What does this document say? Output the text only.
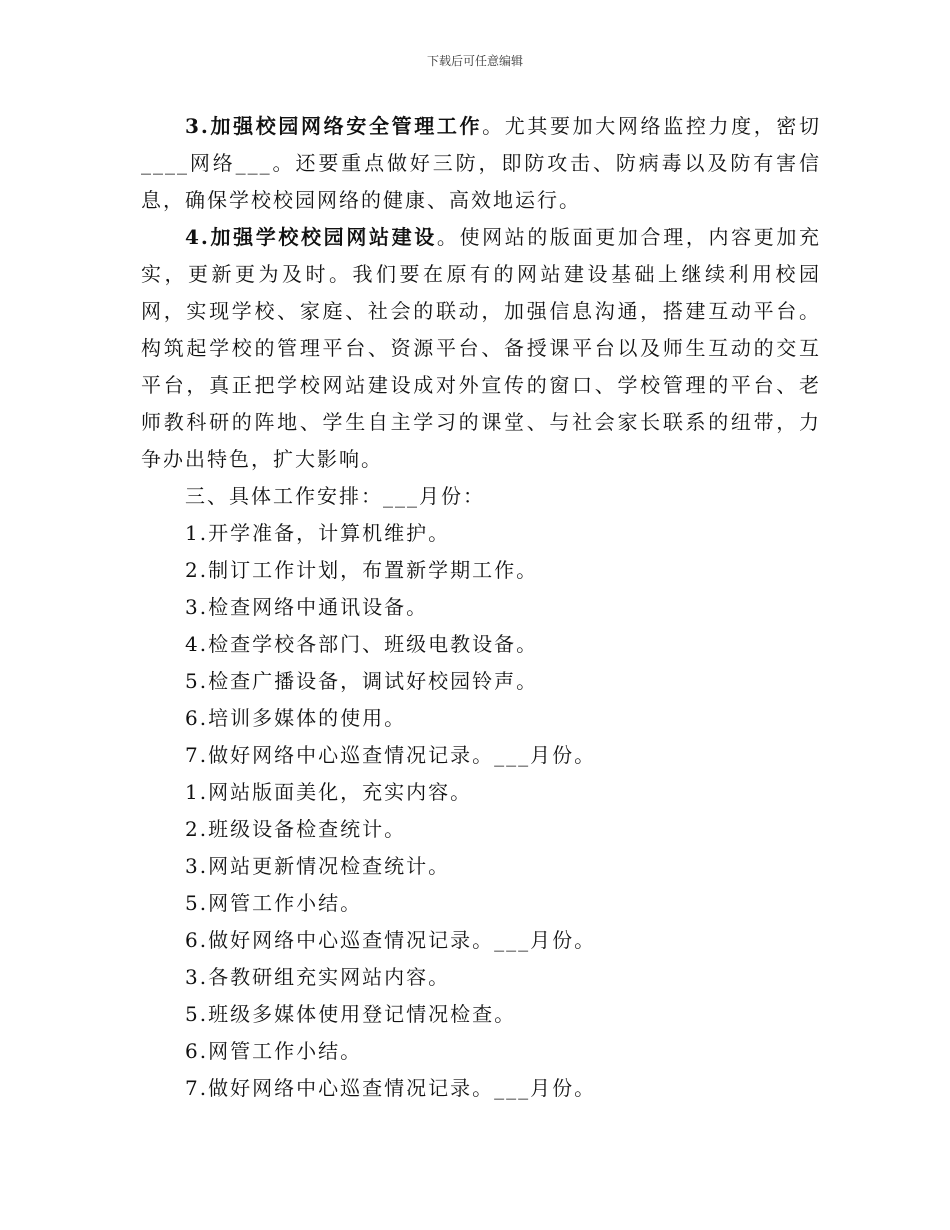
下载后可任意编辑

3.加强校园网络安全管理工作。尤其要加大网络监控力度，密切____网络___。还要重点做好三防，即防攻击、防病毒以及防有害信息，确保学校校园网络的健康、高效地运行。

4.加强学校校园网站建设。使网站的版面更加合理，内容更加充实，更新更为及时。我们要在原有的网站建设基础上继续利用校园网，实现学校、家庭、社会的联动，加强信息沟通，搭建互动平台。构筑起学校的管理平台、资源平台、备授课平台以及师生互动的交互平台，真正把学校网站建设成对外宣传的窗口、学校管理的平台、老师教科研的阵地、学生自主学习的课堂、与社会家长联系的纽带，力争办出特色，扩大影响。

三、具体工作安排：___月份：

1.开学准备，计算机维护。

2.制订工作计划，布置新学期工作。

3.检查网络中通讯设备。

4.检查学校各部门、班级电教设备。

5.检查广播设备，调试好校园铃声。

6.培训多媒体的使用。

7.做好网络中心巡查情况记录。___月份。

1.网站版面美化，充实内容。

2.班级设备检查统计。

3.网站更新情况检查统计。

5.网管工作小结。

6.做好网络中心巡查情况记录。___月份。

3.各教研组充实网站内容。

5.班级多媒体使用登记情况检查。

6.网管工作小结。

7.做好网络中心巡查情况记录。___月份。
